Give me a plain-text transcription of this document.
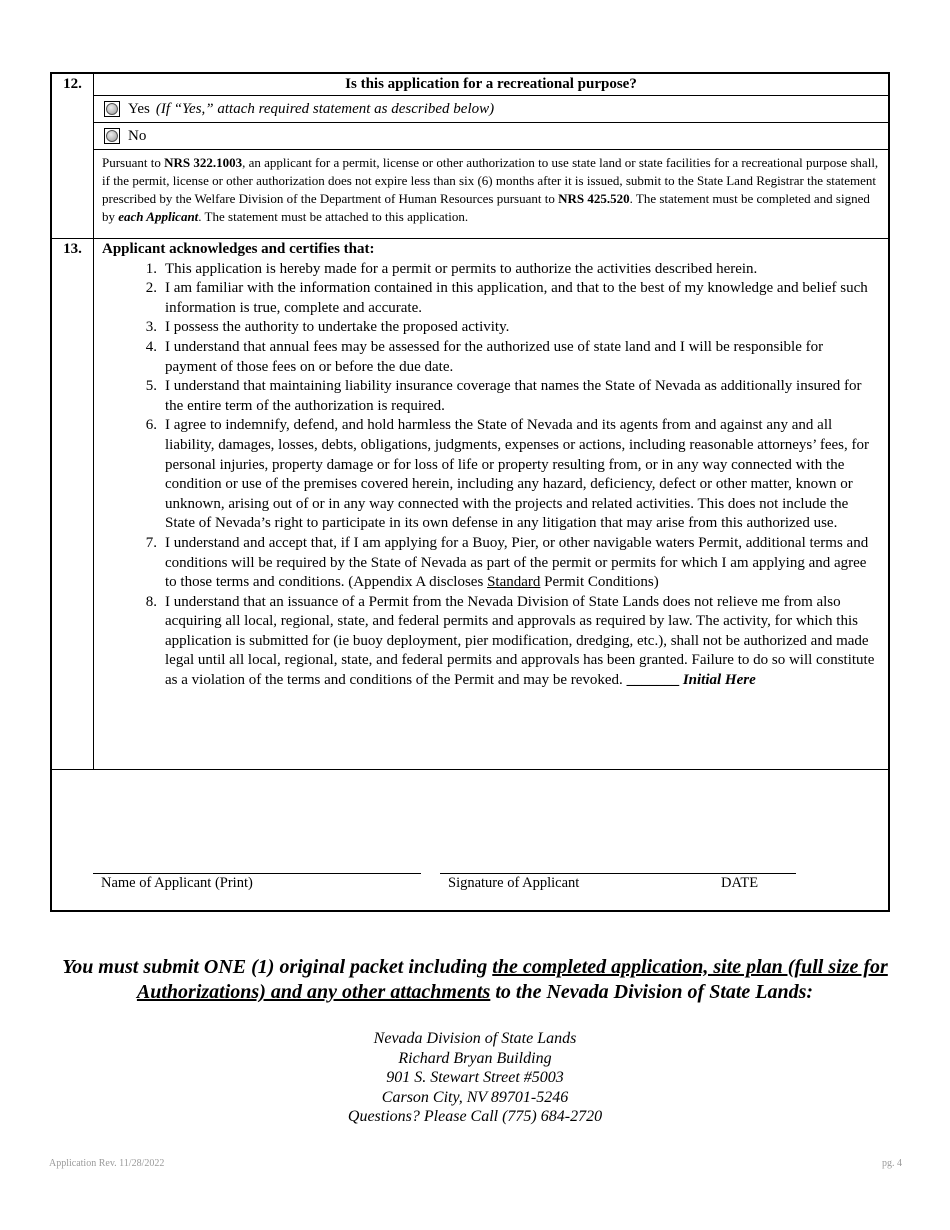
12.	Is this application for a recreational purpose?
Yes (If “Yes,” attach required statement as described below)
No
Pursuant to NRS 322.1003, an applicant for a permit, license or other authorization to use state land or state facilities for a recreational purpose shall, if the permit, license or other authorization does not expire less than six (6) months after it is issued, submit to the State Land Registrar the statement prescribed by the Welfare Division of the Department of Human Resources pursuant to NRS 425.520. The statement must be completed and signed by each Applicant. The statement must be attached to this application.
13.	Applicant acknowledges and certifies that:
1. This application is hereby made for a permit or permits to authorize the activities described herein.
2. I am familiar with the information contained in this application, and that to the best of my knowledge and belief such information is true, complete and accurate.
3. I possess the authority to undertake the proposed activity.
4. I understand that annual fees may be assessed for the authorized use of state land and I will be responsible for payment of those fees on or before the due date.
5. I understand that maintaining liability insurance coverage that names the State of Nevada as additionally insured for the entire term of the authorization is required.
6. I agree to indemnify, defend, and hold harmless the State of Nevada and its agents from and against any and all liability, damages, losses, debts, obligations, judgments, expenses or actions, including reasonable attorneys’ fees, for personal injuries, property damage or for loss of life or property resulting from, or in any way connected with the condition or use of the premises covered herein, including any hazard, deficiency, defect or other matter, known or unknown, arising out of or in any way connected with the projects and related activities. This does not include the State of Nevada’s right to participate in its own defense in any litigation that may arise from this authorized use.
7. I understand and accept that, if I am applying for a Buoy, Pier, or other navigable waters Permit, additional terms and conditions will be required by the State of Nevada as part of the permit or permits for which I am applying and agree to those terms and conditions. (Appendix A discloses Standard Permit Conditions)
8. I understand that an issuance of a Permit from the Nevada Division of State Lands does not relieve me from also acquiring all local, regional, state, and federal permits and approvals as required by law. The activity, for which this application is submitted for (ie buoy deployment, pier modification, dredging, etc.), shall not be authorized and made legal until all local, regional, state, and federal permits and approvals has been granted. Failure to do so will constitute as a violation of the terms and conditions of the Permit and may be revoked. _______ Initial Here
Name of Applicant (Print)	Signature of Applicant	DATE
You must submit ONE (1) original packet including the completed application, site plan (full size for Authorizations) and any other attachments to the Nevada Division of State Lands:
Nevada Division of State Lands
Richard Bryan Building
901 S. Stewart Street #5003
Carson City, NV 89701-5246
Questions? Please Call (775) 684-2720
Application Rev. 11/28/2022	pg. 4
